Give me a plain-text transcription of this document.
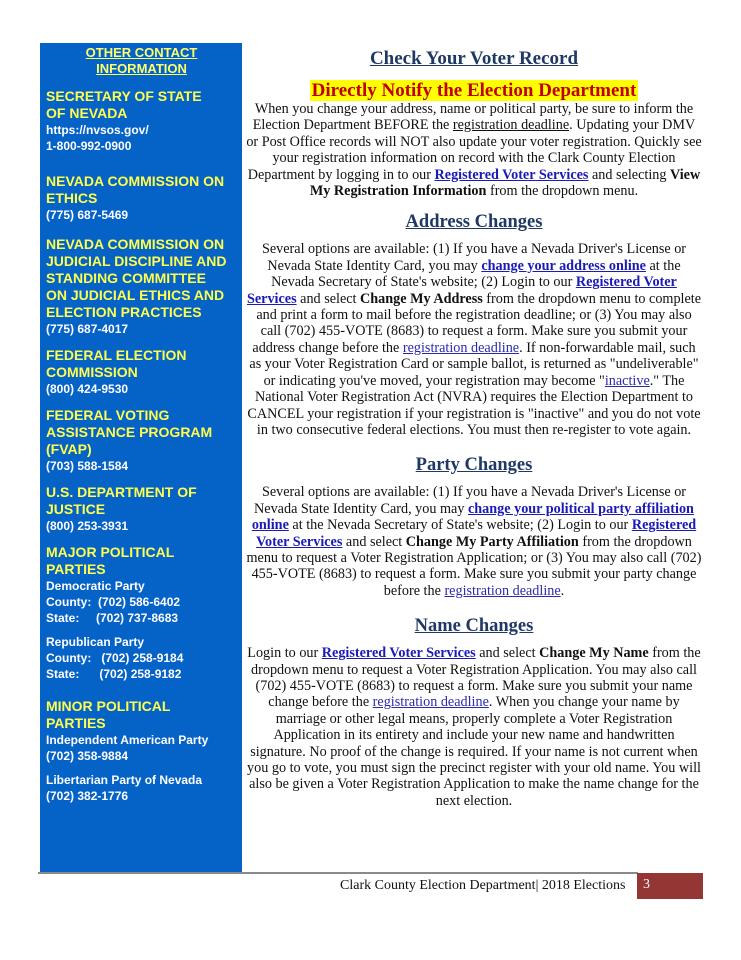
OTHER CONTACT
INFORMATION
SECRETARY OF STATE
OF NEVADA
https://nvsos.gov/
1-800-992-0900
NEVADA COMMISSION ON
ETHICS
(775) 687-5469
NEVADA COMMISSION ON
JUDICIAL DISCIPLINE AND
STANDING COMMITTEE
ON JUDICIAL ETHICS AND
ELECTION PRACTICES
(775) 687-4017
FEDERAL ELECTION
COMMISSION
(800) 424-9530
FEDERAL VOTING
ASSISTANCE PROGRAM
(FVAP)
(703) 588-1584
U.S. DEPARTMENT OF
JUSTICE
(800) 253-3931
MAJOR POLITICAL
PARTIES
Democratic Party
County:  (702) 586-6402
State:     (702) 737-8683
Republican Party
County:   (702) 258-9184
State:      (702) 258-9182
MINOR POLITICAL
PARTIES
Independent American Party
(702) 358-9884
Libertarian Party of Nevada
(702) 382-1776
Check Your Voter Record
Directly Notify the Election Department

When you change your address, name or political party, be sure to inform the Election Department BEFORE the registration deadline. Updating your DMV or Post Office records will NOT also update your voter registration. Quickly see your registration information on record with the Clark County Election Department by logging in to our Registered Voter Services and selecting View My Registration Information from the dropdown menu.

Address Changes

Several options are available: (1) If you have a Nevada Driver's License or Nevada State Identity Card, you may change your address online at the Nevada Secretary of State's website; (2) Login to our Registered Voter Services and select Change My Address from the dropdown menu to complete and print a form to mail before the registration deadline; or (3) You may also call (702) 455-VOTE (8683) to request a form. Make sure you submit your address change before the registration deadline. If non-forwardable mail, such as your Voter Registration Card or sample ballot, is returned as "undeliverable" or indicating you've moved, your registration may become "inactive." The National Voter Registration Act (NVRA) requires the Election Department to CANCEL your registration if your registration is "inactive" and you do not vote in two consecutive federal elections. You must then re-register to vote again.

Party Changes

Several options are available: (1) If you have a Nevada Driver's License or Nevada State Identity Card, you may change your political party affiliation online at the Nevada Secretary of State's website; (2) Login to our Registered Voter Services and select Change My Party Affiliation from the dropdown menu to request a Voter Registration Application; or (3) You may also call (702) 455-VOTE (8683) to request a form. Make sure you submit your party change before the registration deadline.

Name Changes

Login to our Registered Voter Services and select Change My Name from the dropdown menu to request a Voter Registration Application. You may also call (702) 455-VOTE (8683) to request a form. Make sure you submit your name change before the registration deadline. When you change your name by marriage or other legal means, properly complete a Voter Registration Application in its entirety and include your new name and handwritten signature. No proof of the change is required. If your name is not current when you go to vote, you must sign the precinct register with your old name. You will also be given a Voter Registration Application to make the name change for the next election.

Clark County Election Department| 2018 Elections	3
